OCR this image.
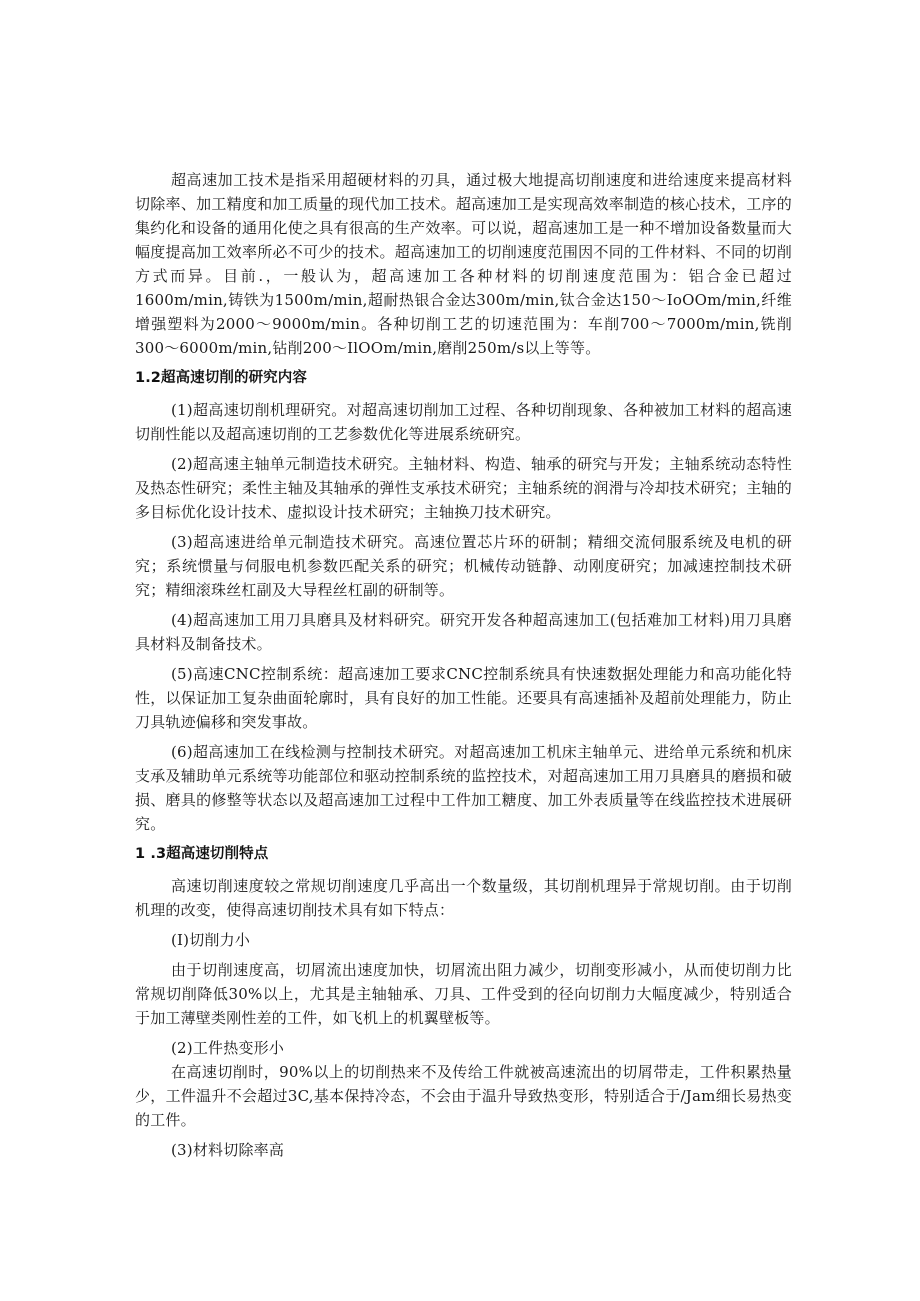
超高速加工技术是指采用超硬材料的刃具，通过极大地提高切削速度和进给速度来提高材料切除率、加工精度和加工质量的现代加工技术。超高速加工是实现高效率制造的核心技术，工序的集约化和设备的通用化使之具有很高的生产效率。可以说，超高速加工是一种不增加设备数量而大幅度提高加工效率所必不可少的技术。超高速加工的切削速度范围因不同的工件材料、不同的切削方式而异。目前.，一般认为，超高速加工各种材料的切削速度范围为：铝合金已超过1600m/min,铸铁为1500m/min,超耐热银合金达300m/min,钛合金达150～IoOOm/min,纤维增强塑料为2000～9000m/min。各种切削工艺的切速范围为：车削700～7000m/min,铣削300～6000m/min,钻削200～IlOOm/min,磨削250m/s以上等等。

1.2超高速切削的研究内容

(1)超高速切削机理研究。对超高速切削加工过程、各种切削现象、各种被加工材料的超高速切削性能以及超高速切削的工艺参数优化等进展系统研究。

(2)超高速主轴单元制造技术研究。主轴材料、构造、轴承的研究与开发；主轴系统动态特性及热态性研究；柔性主轴及其轴承的弹性支承技术研究；主轴系统的润滑与冷却技术研究；主轴的多目标优化设计技术、虚拟设计技术研究；主轴换刀技术研究。

(3)超高速进给单元制造技术研究。高速位置芯片环的研制；精细交流伺服系统及电机的研究；系统惯量与伺服电机参数匹配关系的研究；机械传动链静、动刚度研究；加减速控制技术研究；精细滚珠丝杠副及大导程丝杠副的研制等。

(4)超高速加工用刀具磨具及材料研究。研究开发各种超高速加工(包括难加工材料)用刀具磨具材料及制备技术。

(5)高速CNC控制系统：超高速加工要求CNC控制系统具有快速数据处理能力和高功能化特性，以保证加工复杂曲面轮廓时，具有良好的加工性能。还要具有高速插补及超前处理能力，防止刀具轨迹偏移和突发事故。

(6)超高速加工在线检测与控制技术研究。对超高速加工机床主轴单元、进给单元系统和机床支承及辅助单元系统等功能部位和驱动控制系统的监控技术，对超高速加工用刀具磨具的磨损和破损、磨具的修整等状态以及超高速加工过程中工件加工糖度、加工外表质量等在线监控技术进展研究。

1 .3超高速切削特点

高速切削速度较之常规切削速度几乎高出一个数量级，其切削机理异于常规切削。由于切削机理的改变，使得高速切削技术具有如下特点：

(I)切削力小

由于切削速度高，切屑流出速度加快，切屑流出阻力减少，切削变形减小，从而使切削力比常规切削降低30%以上，尤其是主轴轴承、刀具、工件受到的径向切削力大幅度减少，特别适合于加工薄壁类刚性差的工件，如飞机上的机翼壁板等。

(2)工件热变形小

在高速切削时，90%以上的切削热来不及传给工件就被高速流出的切屑带走，工件积累热量少，工件温升不会超过3C,基本保持冷态，不会由于温升导致热变形，特别适合于/Jam细长易热变的工件。

(3)材料切除率高
